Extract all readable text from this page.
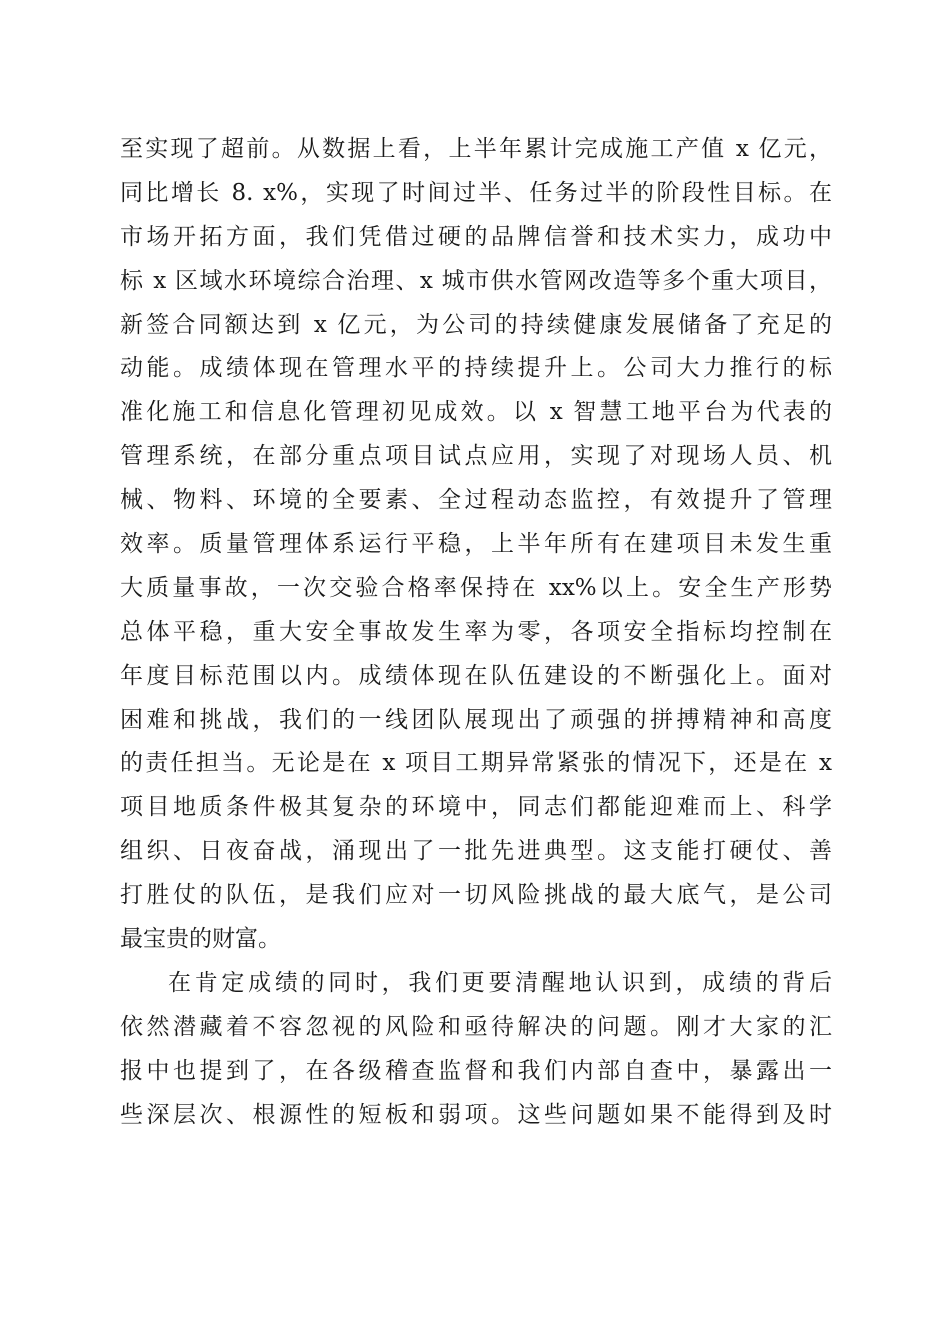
至实现了超前。从数据上看，上半年累计完成施工产值 x 亿元，
同比增长 8. x%，实现了时间过半、任务过半的阶段性目标。在
市场开拓方面，我们凭借过硬的品牌信誉和技术实力，成功中
标 x 区域水环境综合治理、x 城市供水管网改造等多个重大项目，
新签合同额达到 x 亿元，为公司的持续健康发展储备了充足的
动能。成绩体现在管理水平的持续提升上。公司大力推行的标
准化施工和信息化管理初见成效。以 x 智慧工地平台为代表的
管理系统，在部分重点项目试点应用，实现了对现场人员、机
械、物料、环境的全要素、全过程动态监控，有效提升了管理
效率。质量管理体系运行平稳，上半年所有在建项目未发生重
大质量事故，一次交验合格率保持在 xx%以上。安全生产形势
总体平稳，重大安全事故发生率为零，各项安全指标均控制在
年度目标范围以内。成绩体现在队伍建设的不断强化上。面对
困难和挑战，我们的一线团队展现出了顽强的拼搏精神和高度
的责任担当。无论是在 x 项目工期异常紧张的情况下，还是在 x
项目地质条件极其复杂的环境中，同志们都能迎难而上、科学
组织、日夜奋战，涌现出了一批先进典型。这支能打硬仗、善
打胜仗的队伍，是我们应对一切风险挑战的最大底气，是公司
最宝贵的财富。
在肯定成绩的同时，我们更要清醒地认识到，成绩的背后
依然潜藏着不容忽视的风险和亟待解决的问题。刚才大家的汇
报中也提到了，在各级稽查监督和我们内部自查中，暴露出一
些深层次、根源性的短板和弱项。这些问题如果不能得到及时
